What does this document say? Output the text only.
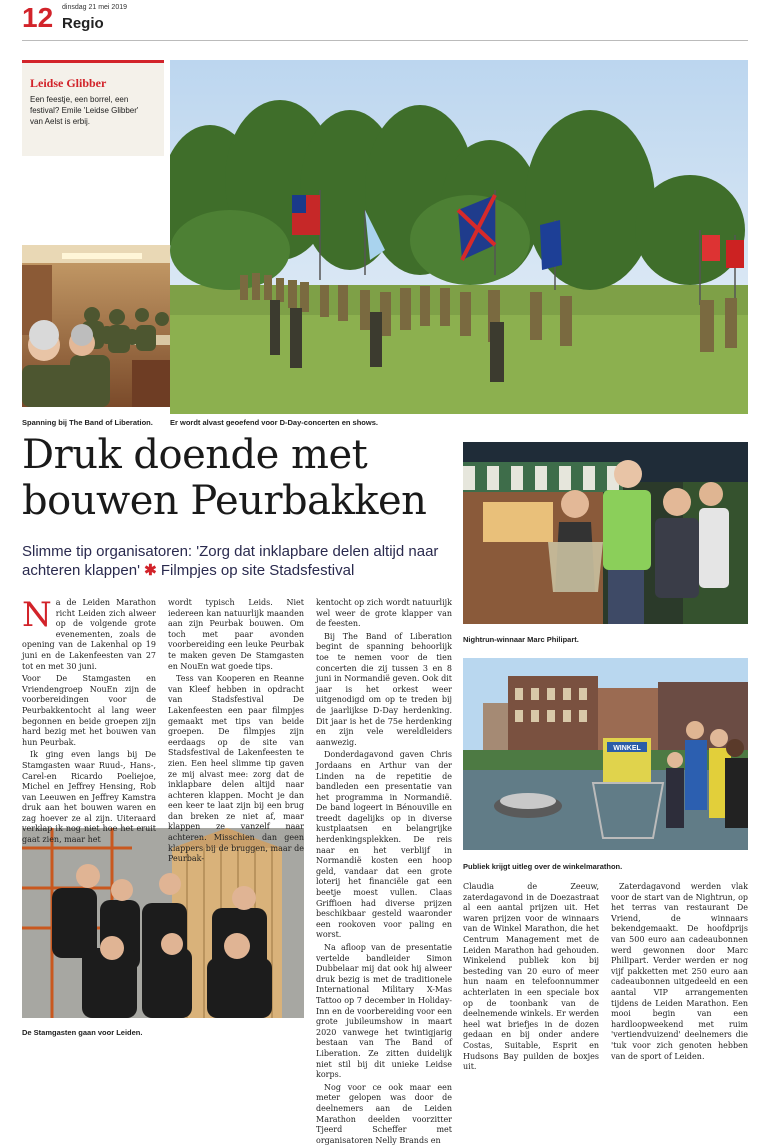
12 dinsdag 21 mei 2019
Regio
Leidse Glibber
Een feestje, een borrel, een festival? Emile 'Leidse Glibber' van Aelst is erbij.
Spanning bij The Band of Liberation.	Er wordt alvast geoefend voor D-Day-concerten en shows.
Druk doende met bouwen Peurbakken
Slimme tip organisatoren: 'Zorg dat inklapbare delen altijd naar achteren klappen' ✱ Filmpjes op site Stadsfestival
Nightrun-winnaar Marc Philipart.
WINKEL
Publiek krijgt uitleg over de winkelmarathon.
De Stamgasten gaan voor Leiden.

Na de Leiden Marathon richt Leiden zich alweer op de volgende grote evenementen, zoals de opening van de Lakenhal op 19 juni en de Lakenfeesten van 27 tot en met 30 juni.

Voor De Stamgasten en Vriendengroep NouEn zijn de voorbereidingen voor de Peurbakkentocht al lang weer begonnen en beide groepen zijn hard bezig met het bouwen van hun Peurbak.

Ik ging even langs bij De Stamgasten waar Ruud-, Hans-, Carel-en Ricardo Poeliejoe, Michel en Jeffrey Hensing, Rob van Leeuwen en Jeffrey Kamstra druk aan het bouwen waren en zag hoever ze al zijn. Uiteraard verklap ik nog niet hoe het eruit gaat zien, maar het

wordt typisch Leids. Niet iedereen kan natuurlijk maanden aan zijn Peurbak bouwen. Om toch met paar avonden voorbereiding een leuke Peurbak te maken geven De Stamgasten en NouEn wat goede tips.

Tess van Kooperen en Reanne van Kleef hebben in opdracht van Stadsfestival De Lakenfeesten een paar filmpjes gemaakt met tips van beide groepen. De filmpjes zijn eerdaags op de site van Stadsfestival de Lakenfeesten te zien. Een heel slimme tip gaven ze mij alvast mee: zorg dat de inklapbare delen altijd naar achteren klappen. Mocht je dan een keer te laat zijn bij een brug dan breken ze niet af, maar klappen ze vanzelf naar achteren. Misschien dan geen klappers bij de bruggen, maar de Peurbak-

kentocht op zich wordt natuurlijk wel weer de grote klapper van de feesten.

Bij The Band of Liberation begint de spanning behoorlijk toe te nemen voor de tien concerten die zij tussen 3 en 8 juni in Normandië geven. Ook dit jaar is het orkest weer uitgenodigd om op te treden bij de jaarlijkse D-Day herdenking. Dit jaar is het de 75e herdenking en zijn vele wereldleiders aanwezig.

Donderdagavond gaven Chris Jordaans en Arthur van der Linden na de repetitie de bandleden een presentatie van het programma in Normandië. De band logeert in Bénouville en treedt dagelijks op in diverse kustplaatsen en belangrijke herdenkingsplekken. De reis naar en het verblijf in Normandië kosten een hoop geld, vandaar dat een grote loterij het financiële gat een beetje moest vullen. Claas Griffioen had diverse prijzen beschikbaar gesteld waaronder een rookoven voor paling en worst.

Na afloop van de presentatie vertelde bandleider Simon Dubbelaar mij dat ook hij alweer druk bezig is met de traditionele International Military X-Mas Tattoo op 7 december in Holiday-Inn en de voorbereiding voor een grote jubileumshow in maart 2020 vanwege het twintigjarig bestaan van The Band of Liberation. Ze zitten duidelijk niet stil bij dit unieke Leidse korps.

Nog voor ce ook maar een meter gelopen was door de deelnemers aan de Leiden Marathon deelden voorzitter Tjeerd Scheffer met organisatoren Nelly Brands en

Claudia de Zeeuw, zaterdagavond in de Doezastraat al een aantal prijzen uit. Het waren prijzen voor de winnaars van de Winkel Marathon, die het Centrum Management met de Leiden Marathon had gehouden. Winkelend publiek kon bij besteding van 20 euro of meer hun naam en telefoonnummer achterlaten in een speciale box op de toonbank van de deelnemende winkels. Er werden heel wat briefjes in de dozen gedaan en bij onder andere Costas, Suitable, Esprit en Hudsons Bay puilden de boxjes uit.

Zaterdagavond werden vlak voor de start van de Nightrun, op het terras van restaurant De Vriend, de winnaars bekendgemaakt. De hoofdprijs van 500 euro aan cadeaubonnen werd gewonnen door Marc Philipart. Verder werden er nog vijf pakketten met 250 euro aan cadeaubonnen uitgedeeld en een aantal VIP arrangementen tijdens de Leiden Marathon. Een mooi begin van een hardloopweekend met ruim 'vertiendvuizend' deelnemers die 'tuk voor zich genoten hebben van de sport of Leiden.
